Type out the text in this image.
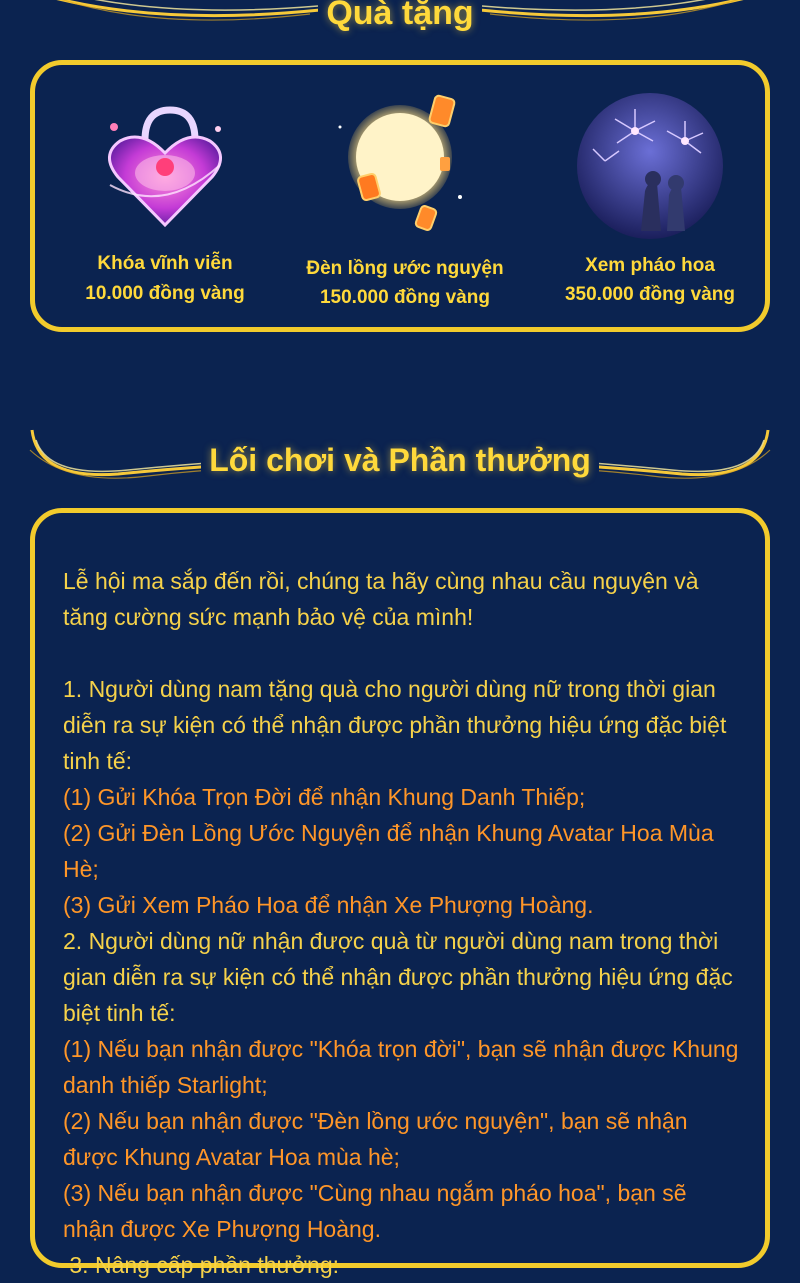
Quà tặng
Khóa vĩnh viễn
10.000 đồng vàng
Đèn lồng ước nguyện
150.000 đồng vàng
Xem pháo hoa
350.000 đồng vàng
Lối chơi và Phần thưởng

Lễ hội ma sắp đến rồi, chúng ta hãy cùng nhau cầu nguyện và tăng cường sức mạnh bảo vệ của mình!

1. Người dùng nam tặng quà cho người dùng nữ trong thời gian diễn ra sự kiện có thể nhận được phần thưởng hiệu ứng đặc biệt tinh tế:

(1) Gửi Khóa Trọn Đời để nhận Khung Danh Thiếp;

(2) Gửi Đèn Lồng Ước Nguyện để nhận Khung Avatar Hoa Mùa Hè;

(3) Gửi Xem Pháo Hoa để nhận Xe Phượng Hoàng.

2. Người dùng nữ nhận được quà từ người dùng nam trong thời gian diễn ra sự kiện có thể nhận được phần thưởng hiệu ứng đặc biệt tinh tế:

(1) Nếu bạn nhận được "Khóa trọn đời", bạn sẽ nhận được Khung danh thiếp Starlight;

(2) Nếu bạn nhận được "Đèn lồng ước nguyện", bạn sẽ nhận được Khung Avatar Hoa mùa hè;

(3) Nếu bạn nhận được "Cùng nhau ngắm pháo hoa", bạn sẽ nhận được Xe Phượng Hoàng.

3. Nâng cấp phần thưởng:
